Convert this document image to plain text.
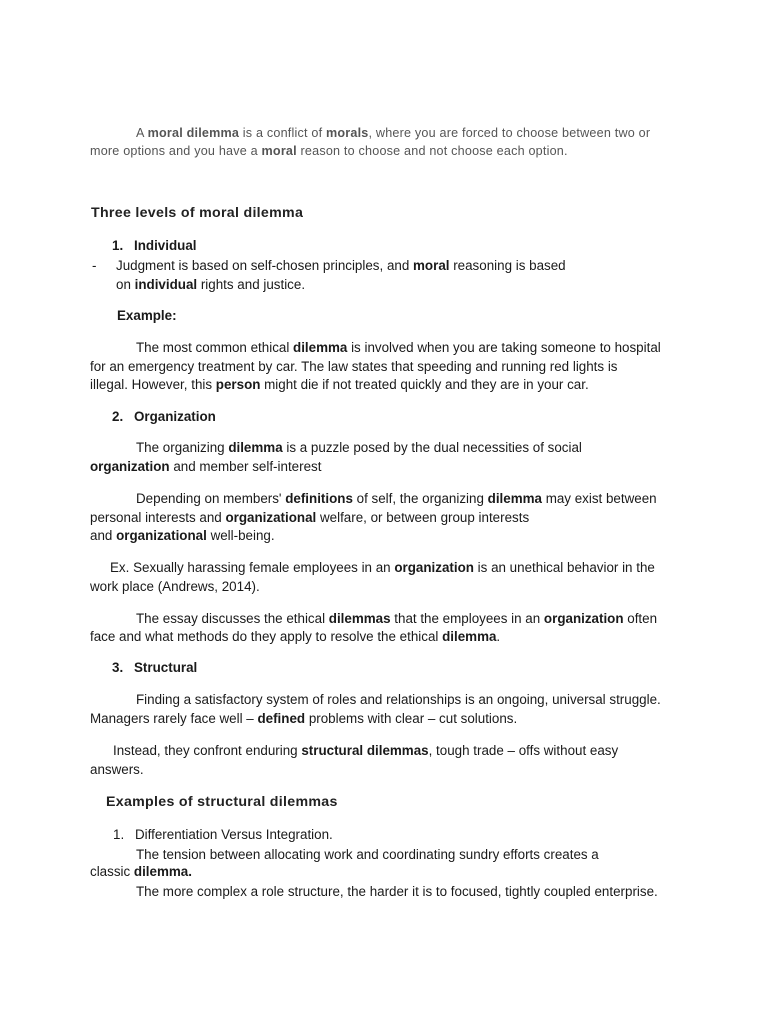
A moral dilemma is a conflict of morals, where you are forced to choose between two or
more options and you have a moral reason to choose and not choose each option.
Three levels of moral dilemma
1. Individual
- Judgment is based on self-chosen principles, and moral reasoning is based
on individual rights and justice.
Example:
The most common ethical dilemma is involved when you are taking someone to hospital
for an emergency treatment by car. The law states that speeding and running red lights is
illegal. However, this person might die if not treated quickly and they are in your car.
2. Organization
The organizing dilemma is a puzzle posed by the dual necessities of social
organization and member self-interest
Depending on members' definitions of self, the organizing dilemma may exist between
personal interests and organizational welfare, or between group interests
and organizational well-being.
Ex. Sexually harassing female employees in an organization is an unethical behavior in the
work place (Andrews, 2014).
The essay discusses the ethical dilemmas that the employees in an organization often
face and what methods do they apply to resolve the ethical dilemma.
3. Structural
Finding a satisfactory system of roles and relationships is an ongoing, universal struggle.
Managers rarely face well – defined problems with clear – cut solutions.
Instead, they confront enduring structural dilemmas, tough trade – offs without easy
answers.
Examples of structural dilemmas
1. Differentiation Versus Integration.
The tension between allocating work and coordinating sundry efforts creates a
classic dilemma.
The more complex a role structure, the harder it is to focused, tightly coupled enterprise.
